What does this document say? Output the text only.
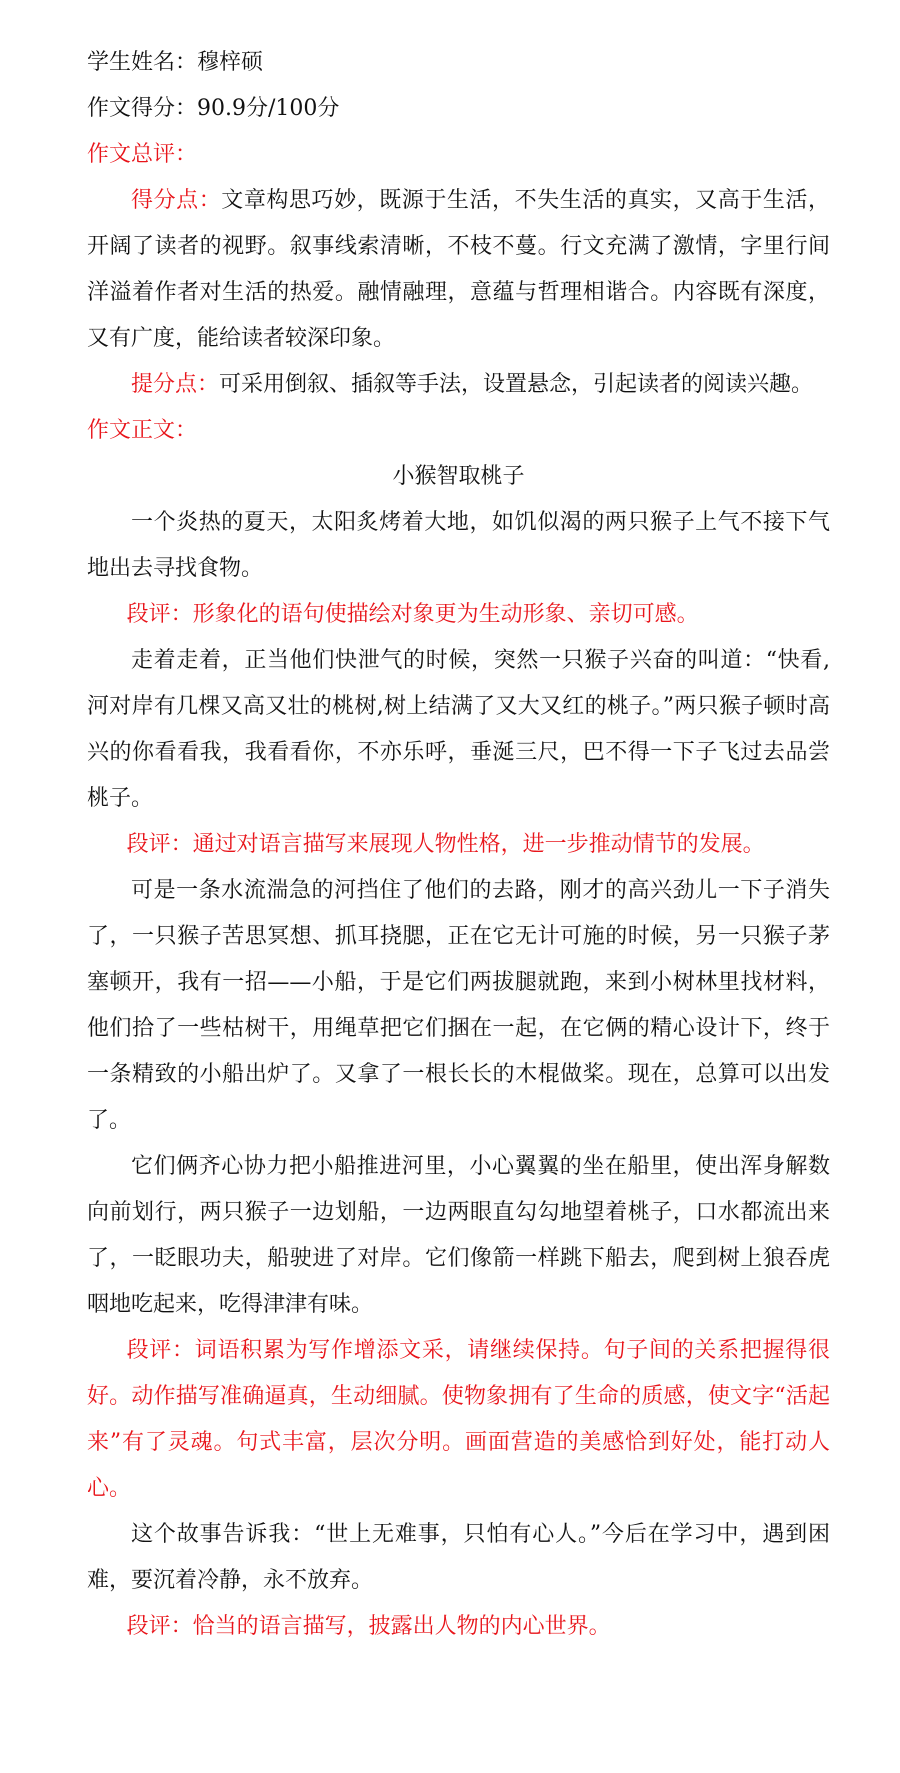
学生姓名：穆梓硕

作文得分：90.9分/100分

作文总评：

得分点：文章构思巧妙，既源于生活，不失生活的真实，又高于生活，开阔了读者的视野。叙事线索清晰，不枝不蔓。行文充满了激情，字里行间洋溢着作者对生活的热爱。融情融理，意蕴与哲理相谐合。内容既有深度，又有广度，能给读者较深印象。

提分点：可采用倒叙、插叙等手法，设置悬念，引起读者的阅读兴趣。

作文正文：

小猴智取桃子

一个炎热的夏天，太阳炙烤着大地，如饥似渴的两只猴子上气不接下气地出去寻找食物。

段评：形象化的语句使描绘对象更为生动形象、亲切可感。

走着走着，正当他们快泄气的时候，突然一只猴子兴奋的叫道：“快看,河对岸有几棵又高又壮的桃树,树上结满了又大又红的桃子。”两只猴子顿时高兴的你看看我，我看看你，不亦乐呼，垂涎三尺，巴不得一下子飞过去品尝桃子。

段评：通过对语言描写来展现人物性格，进一步推动情节的发展。

可是一条水流湍急的河挡住了他们的去路，刚才的高兴劲儿一下子消失了，一只猴子苦思冥想、抓耳挠腮，正在它无计可施的时候，另一只猴子茅塞顿开，我有一招——小船，于是它们两拔腿就跑，来到小树林里找材料，他们拾了一些枯树干，用绳草把它们捆在一起，在它俩的精心设计下，终于一条精致的小船出炉了。又拿了一根长长的木棍做桨。现在，总算可以出发了。

它们俩齐心协力把小船推进河里，小心翼翼的坐在船里，使出浑身解数向前划行，两只猴子一边划船，一边两眼直勾勾地望着桃子，口水都流出来了，一眨眼功夫，船驶进了对岸。它们像箭一样跳下船去，爬到树上狼吞虎咽地吃起来，吃得津津有味。

段评：词语积累为写作增添文采，请继续保持。句子间的关系把握得很好。动作描写准确逼真，生动细腻。使物象拥有了生命的质感，使文字“活起来”有了灵魂。句式丰富，层次分明。画面营造的美感恰到好处，能打动人心。

这个故事告诉我：“世上无难事，只怕有心人。”今后在学习中，遇到困难，要沉着冷静，永不放弃。

段评：恰当的语言描写，披露出人物的内心世界。
